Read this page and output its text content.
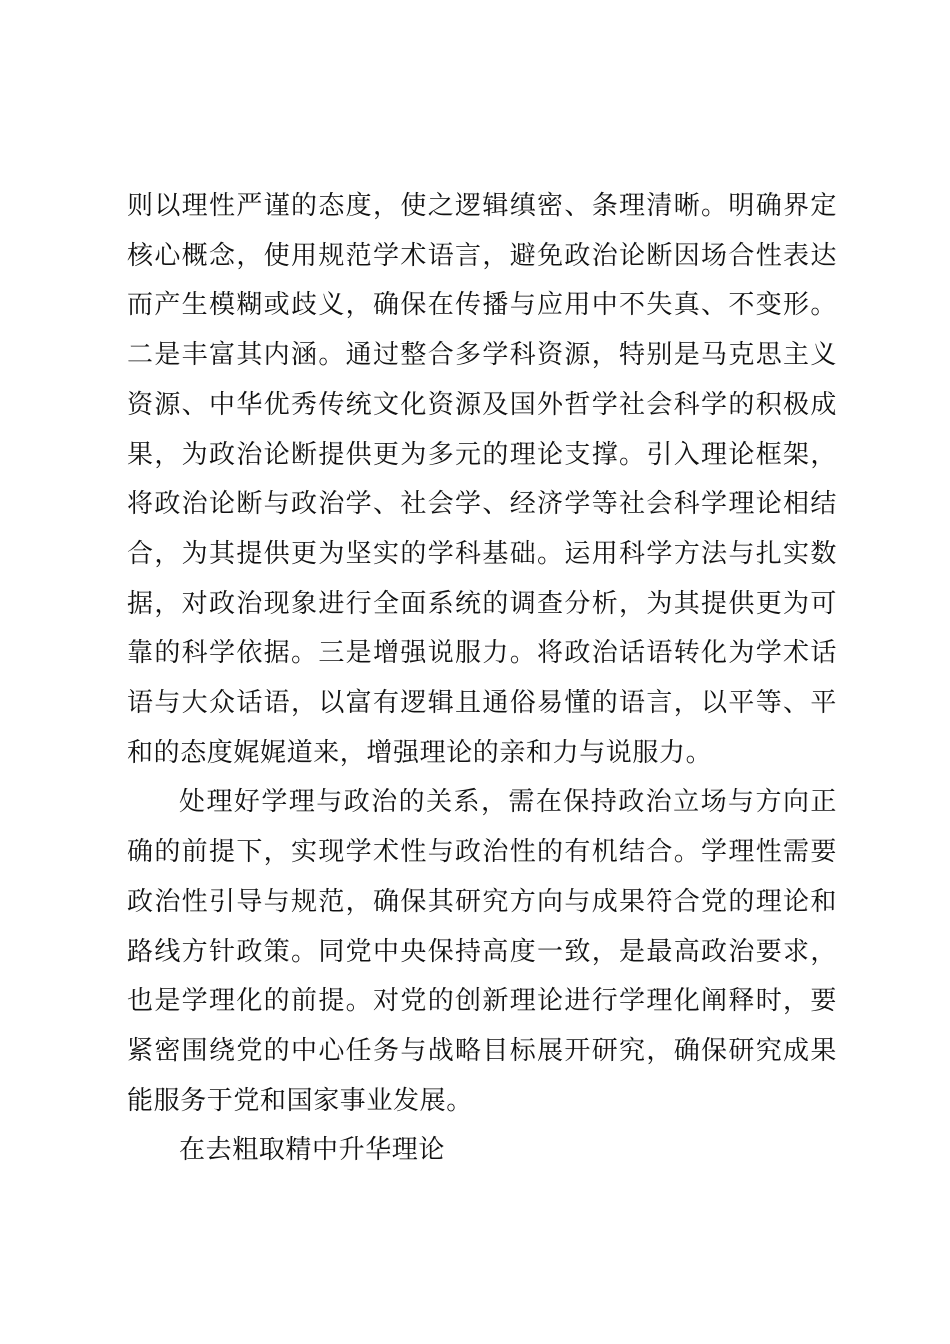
则以理性严谨的态度，使之逻辑缜密、条理清晰。明确界定核心概念，使用规范学术语言，避免政治论断因场合性表达而产生模糊或歧义，确保在传播与应用中不失真、不变形。二是丰富其内涵。通过整合多学科资源，特别是马克思主义资源、中华优秀传统文化资源及国外哲学社会科学的积极成果，为政治论断提供更为多元的理论支撑。引入理论框架，将政治论断与政治学、社会学、经济学等社会科学理论相结合，为其提供更为坚实的学科基础。运用科学方法与扎实数据，对政治现象进行全面系统的调查分析，为其提供更为可靠的科学依据。三是增强说服力。将政治话语转化为学术话语与大众话语，以富有逻辑且通俗易懂的语言，以平等、平和的态度娓娓道来，增强理论的亲和力与说服力。

处理好学理与政治的关系，需在保持政治立场与方向正确的前提下，实现学术性与政治性的有机结合。学理性需要政治性引导与规范，确保其研究方向与成果符合党的理论和路线方针政策。同党中央保持高度一致，是最高政治要求，也是学理化的前提。对党的创新理论进行学理化阐释时，要紧密围绕党的中心任务与战略目标展开研究，确保研究成果能服务于党和国家事业发展。

在去粗取精中升华理论
